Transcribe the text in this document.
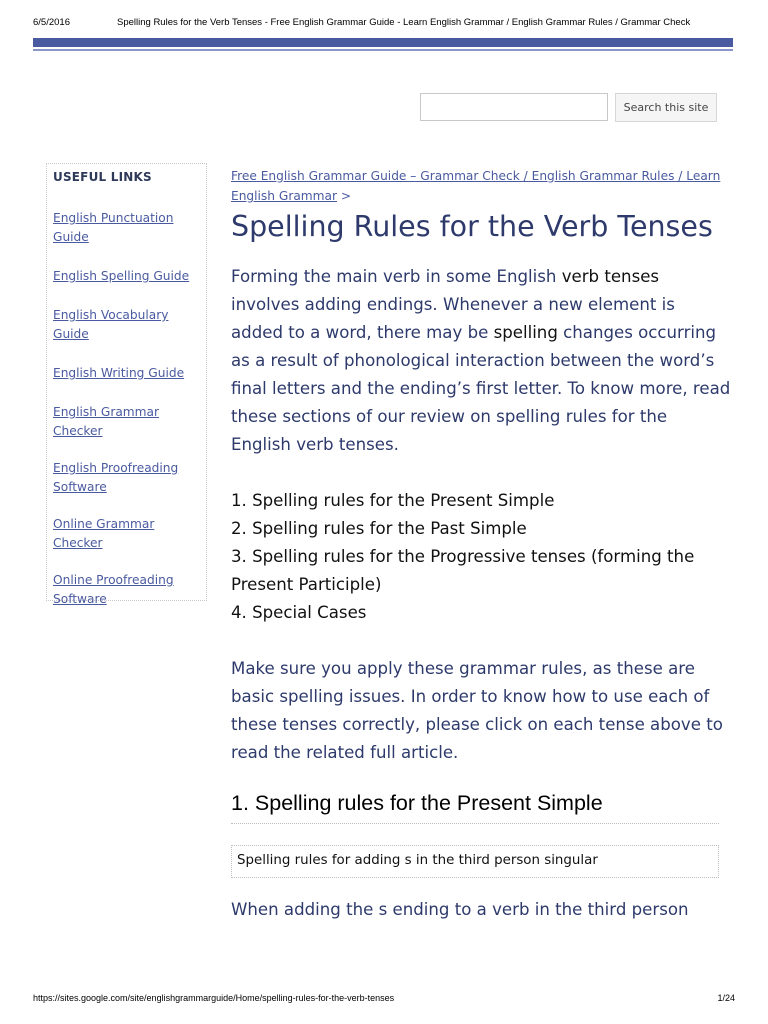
6/5/2016	Spelling Rules for the Verb Tenses - Free English Grammar Guide - Learn English Grammar / English Grammar Rules / Grammar Check
Search this site
USEFUL LINKS
English Punctuation Guide
English Spelling Guide
English Vocabulary Guide
English Writing Guide
English Grammar Checker
English Proofreading Software
Online Grammar Checker
Online Proofreading Software
Free English Grammar Guide – Grammar Check / English Grammar Rules / Learn English Grammar >
Spelling Rules for the Verb Tenses

Forming the main verb in some English verb tenses involves adding endings. Whenever a new element is added to a word, there may be spelling changes occurring as a result of phonological interaction between the word’s final letters and the ending’s first letter. To know more, read these sections of our review on spelling rules for the English verb tenses.

1. Spelling rules for the Present Simple
2. Spelling rules for the Past Simple
3. Spelling rules for the Progressive tenses (forming the Present Participle)
4. Special Cases

Make sure you apply these grammar rules, as these are basic spelling issues. In order to know how to use each of these tenses correctly, please click on each tense above to read the related full article.

1. Spelling rules for the Present Simple
Spelling rules for adding s in the third person singular

When adding the s ending to a verb in the third person

https://sites.google.com/site/englishgrammarguide/Home/spelling-rules-for-the-verb-tenses	1/24
